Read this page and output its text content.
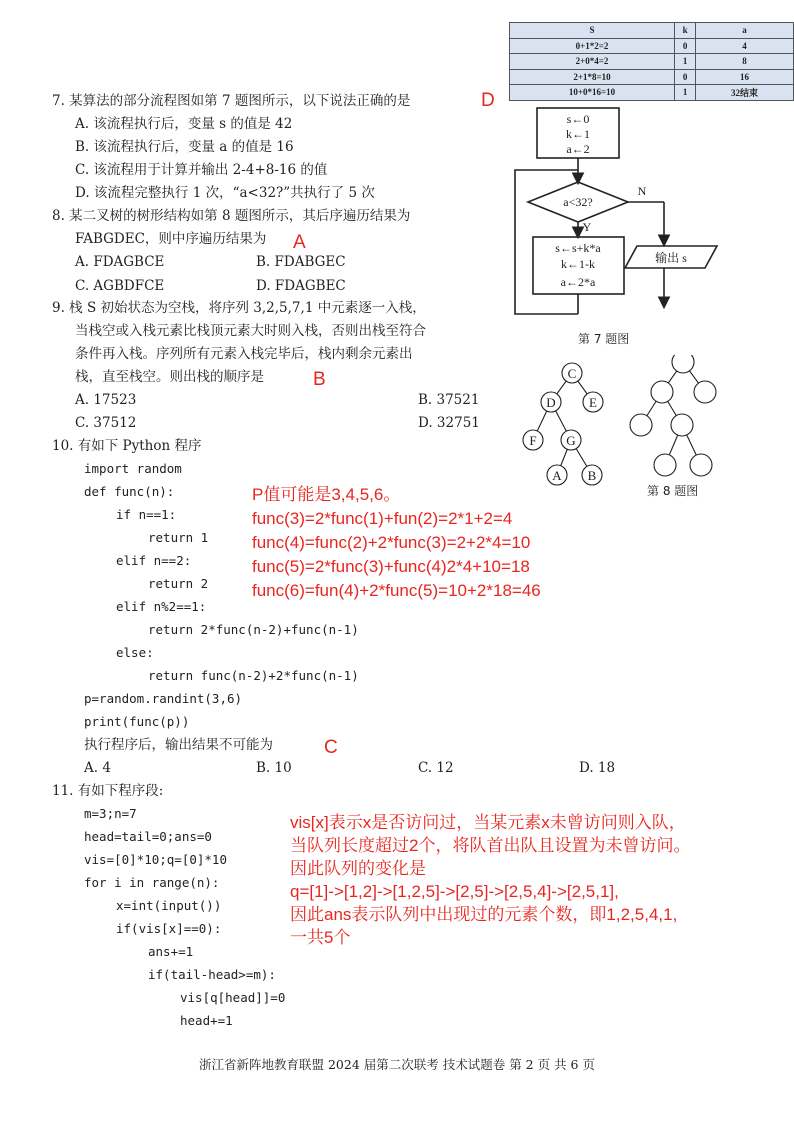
S	k	a
0+1*2=2	0	4
2+0*4=2	1	8
2+1*8=10	0	16
10+0*16=10	1	32结束
s←0
k←1
a←2
a<32?
s←s+k*a
k←1-k
a←2*a
输出 s
Y
N
第 7 题图
C
D	E
F G
A B
第 8 题图
7. 某算法的部分流程图如第 7 题图所示，以下说法正确的是	D
A. 该流程执行后，变量 s 的值是 42
B. 该流程执行后，变量 a 的值是 16
C. 该流程用于计算并输出 2-4+8-16 的值
D. 该流程完整执行 1 次，“a<32?”共执行了 5 次
8. 某二叉树的树形结构如第 8 题图所示，其后序遍历结果为
FABGDEC，则中序遍历结果为 A
A. FDAGBCE	B. FDABGEC
C. AGBDFCE	D. FDAGBEC
9. 栈 S 初始状态为空栈，将序列 3,2,5,7,1 中元素逐一入栈，
当栈空或入栈元素比栈顶元素大时则入栈，否则出栈至符合
条件再入栈。序列所有元素入栈完毕后，栈内剩余元素出
栈，直至栈空。则出栈的顺序是	B
A. 17523	B. 37521
C. 37512	D. 32751
10. 有如下 Python 程序
import random
def func(n):
if n==1:
return 1
elif n==2:
return 2
elif n%2==1:
return 2*func(n-2)+func(n-1)
else:
return func(n-2)+2*func(n-1)
p=random.randint(3,6)
print(func(p))
执行程序后，输出结果不可能为	C
A. 4	B. 10	C. 12	D. 18
P值可能是3,4,5,6。
func(3)=2*func(1)+fun(2)=2*1+2=4
func(4)=func(2)+2*func(3)=2+2*4=10
func(5)=2*func(3)+func(4)2*4+10=18
func(6)=fun(4)+2*func(5)=10+2*18=46
11. 有如下程序段:
m=3;n=7
head=tail=0;ans=0
vis=[0]*10;q=[0]*10
for i in range(n):
x=int(input())
if(vis[x]==0):
ans+=1
if(tail-head>=m):
vis[q[head]]=0
head+=1
vis[x]表示x是否访问过，当某元素x未曾访问则入队，
当队列长度超过2个，将队首出队且设置为未曾访问。
因此队列的变化是
q=[1]->[1,2]->[1,2,5]->[2,5]->[2,5,4]->[2,5,1],
因此ans表示队列中出现过的元素个数，即1,2,5,4,1,
一共5个
浙江省新阵地教育联盟 2024 届第二次联考 技术试题卷 第 2 页 共 6 页
